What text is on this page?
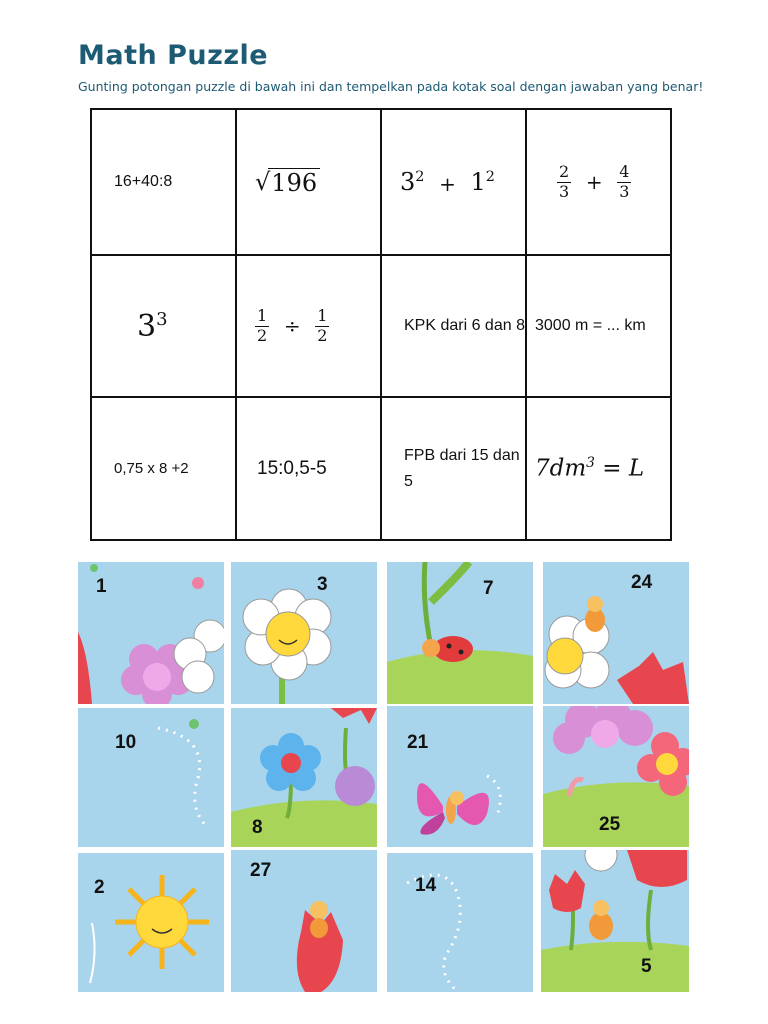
Math Puzzle
Gunting potongan puzzle di bawah ini dan tempelkan pada kotak soal dengan jawaban yang benar!
16+40:8	√ 196	$3^2 + 1^2$	$\frac{2}{3} + \frac{4}{3}$

$3^3$	$\frac{1}{2} \div \frac{1}{2}$	KPK dari 6 dan 8	3000 m = ... km
0,75 x 8 +2	15:0,5-5	FPB dari 15 dan 5	$7dm^3 = L$
1	3	7	24
10
8
21
25
2
27
14
5
